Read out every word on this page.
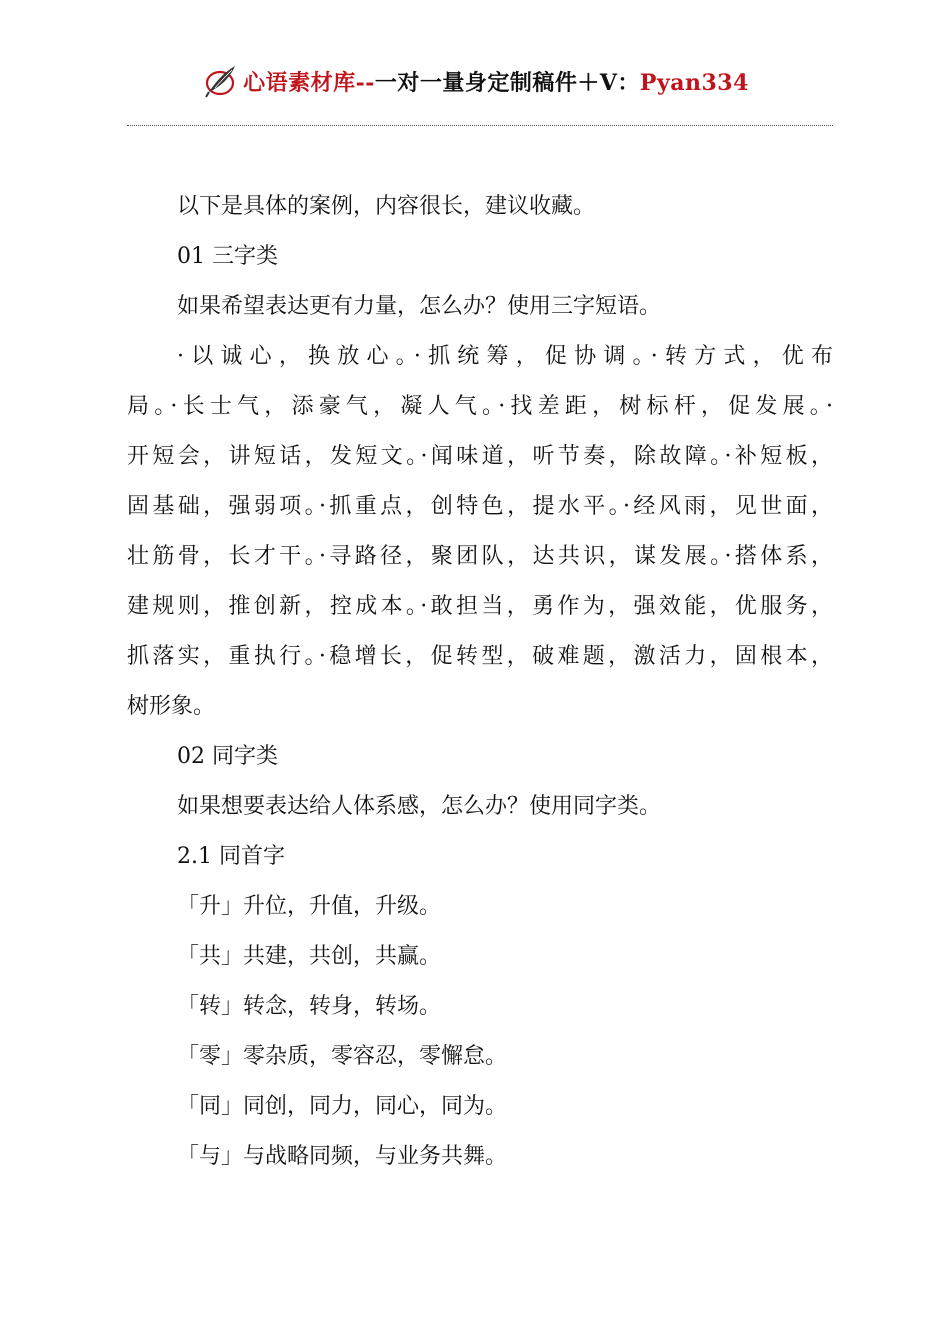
心语素材库--一对一量身定制稿件＋V：Pyan334
以下是具体的案例，内容很长，建议收藏。
01 三字类
如果希望表达更有力量，怎么办？使用三字短语。
·以诚心，换放心。·抓统筹，促协调。·转方式，优布
局。·长士气，添豪气，凝人气。·找差距，树标杆，促发展。·
开短会，讲短话，发短文。·闻味道，听节奏，除故障。·补短板，
固基础，强弱项。·抓重点，创特色，提水平。·经风雨，见世面，
壮筋骨，长才干。·寻路径，聚团队，达共识，谋发展。·搭体系，
建规则，推创新，控成本。·敢担当，勇作为，强效能，优服务，
抓落实，重执行。·稳增长，促转型，破难题，激活力，固根本，
树形象。
02 同字类
如果想要表达给人体系感，怎么办？使用同字类。
2.1 同首字
「升」升位，升值，升级。
「共」共建，共创，共赢。
「转」转念，转身，转场。
「零」零杂质，零容忍，零懈怠。
「同」同创，同力，同心，同为。
「与」与战略同频，与业务共舞。
